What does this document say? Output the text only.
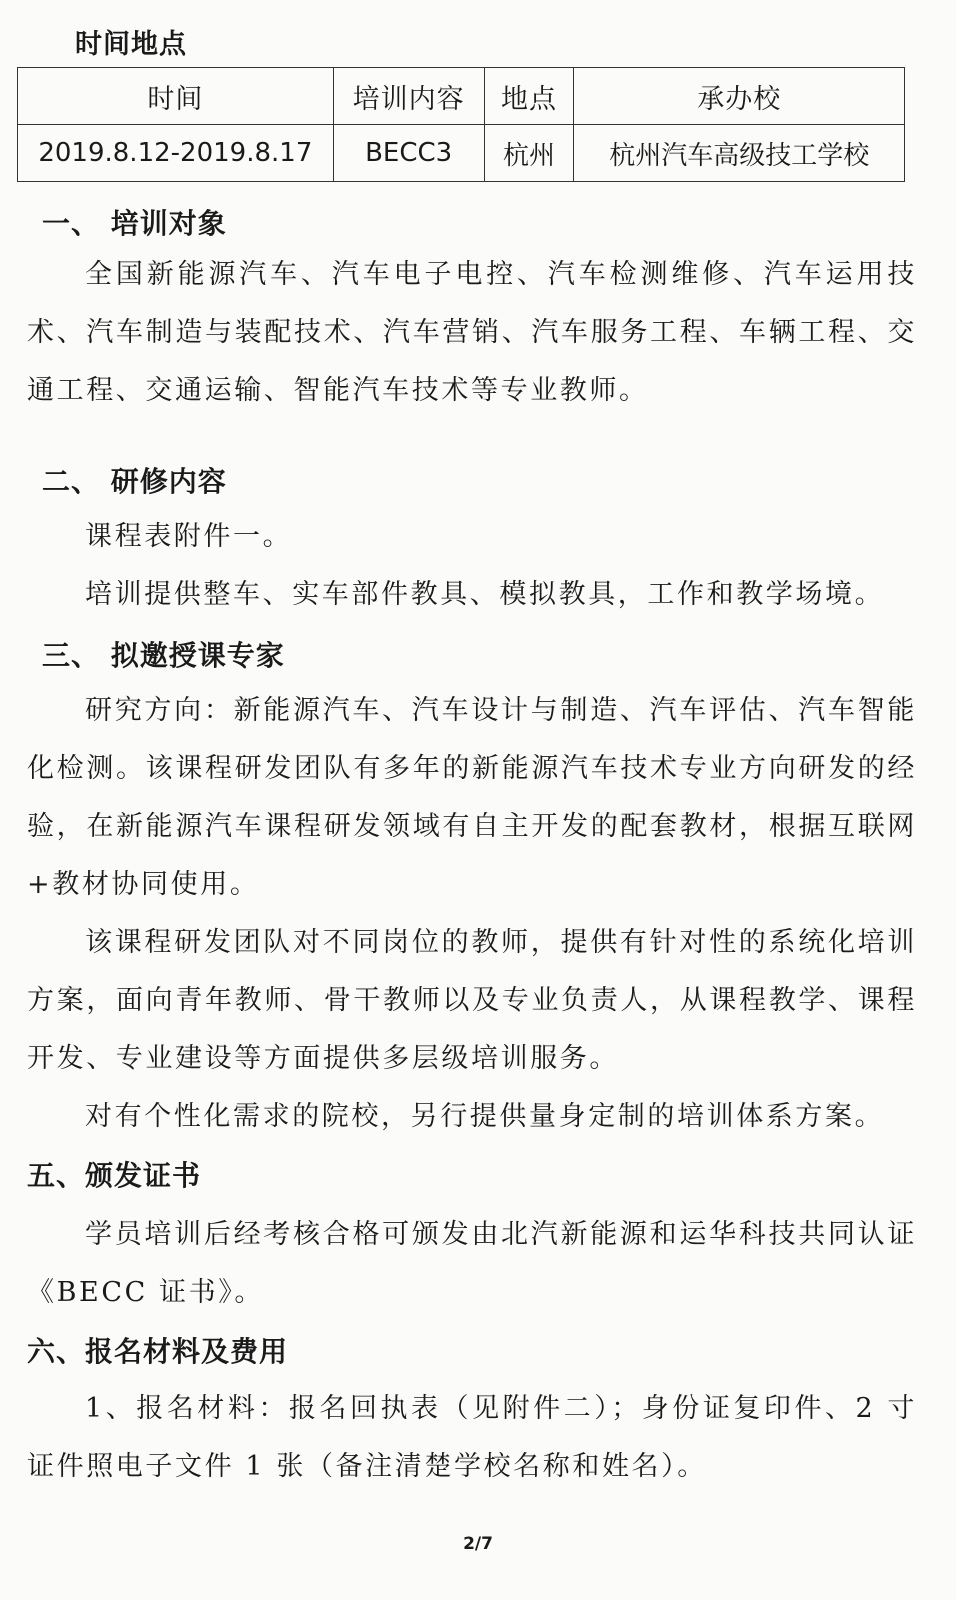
时间地点
时间	培训内容	地点	承办校
2019.8.12-2019.8.17	BECC3	杭州	杭州汽车高级技工学校
一、 培训对象

全国新能源汽车、汽车电子电控、汽车检测维修、汽车运用技术、汽车制造与装配技术、汽车营销、汽车服务工程、车辆工程、交通工程、交通运输、智能汽车技术等专业教师。

二、 研修内容

课程表附件一。

培训提供整车、实车部件教具、模拟教具，工作和教学场境。

三、 拟邀授课专家

研究方向：新能源汽车、汽车设计与制造、汽车评估、汽车智能化检测。该课程研发团队有多年的新能源汽车技术专业方向研发的经验，在新能源汽车课程研发领域有自主开发的配套教材，根据互联网+教材协同使用。

该课程研发团队对不同岗位的教师，提供有针对性的系统化培训方案，面向青年教师、骨干教师以及专业负责人，从课程教学、课程开发、专业建设等方面提供多层级培训服务。

对有个性化需求的院校，另行提供量身定制的培训体系方案。

五、颁发证书

学员培训后经考核合格可颁发由北汽新能源和运华科技共同认证《BECC 证书》。

六、报名材料及费用

1、报名材料：报名回执表（见附件二）；身份证复印件、2 寸证件照电子文件 1 张（备注清楚学校名称和姓名）。

2/7
